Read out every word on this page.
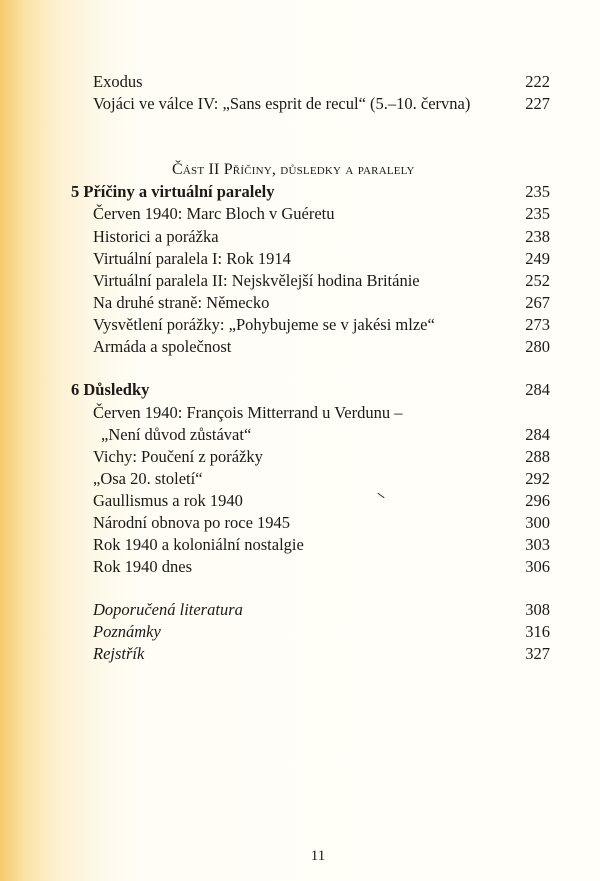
Exodus	222
Vojáci ve válce IV: „Sans esprit de recul“ (5.–10. června)	227
Část II Příčiny, důsledky a paralely
5 Příčiny a virtuální paralely	235
Červen 1940: Marc Bloch v Guéretu	235
Historici a porážka	238
Virtuální paralela I: Rok 1914	249
Virtuální paralela II: Nejskvělejší hodina Británie	252
Na druhé straně: Německo	267
Vysvětlení porážky: „Pohybujeme se v jakési mlze“	273
Armáda a společnost	280
6 Důsledky	284
Červen 1940: François Mitterrand u Verdunu –
„Není důvod zůstávat“	284
Vichy: Poučení z porážky	288
„Osa 20. století“	292
Gaullismus a rok 1940	296
Národní obnova po roce 1945	300
Rok 1940 a koloniální nostalgie	303
Rok 1940 dnes	306
Doporučená literatura	308
Poznámky	316
Rejstřík	327
11
